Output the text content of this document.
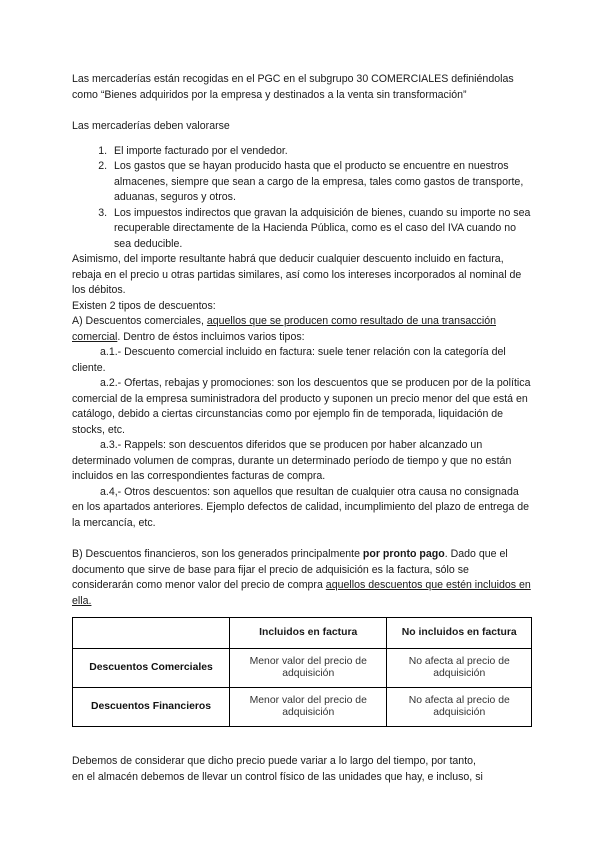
Las mercaderías están recogidas en el PGC en el subgrupo 30 COMERCIALES definiéndolas como “Bienes adquiridos por la empresa y destinados a la venta sin transformación”

Las mercaderías deben valorarse

1. El importe facturado por el vendedor.
2. Los gastos que se hayan producido hasta que el producto se encuentre en nuestros almacenes, siempre que sean a cargo de la empresa, tales como gastos de transporte, aduanas, seguros y otros.
3. Los impuestos indirectos que gravan la adquisición de bienes, cuando su importe no sea recuperable directamente de la Hacienda Pública, como es el caso del IVA cuando no sea deducible.

Asimismo, del importe resultante habrá que deducir cualquier descuento incluido en factura, rebaja en el precio u otras partidas similares, así como los intereses incorporados al nominal de los débitos.

Existen 2 tipos de descuentos:

A) Descuentos comerciales, aquellos que se producen como resultado de una transacción comercial. Dentro de éstos incluimos varios tipos:

a.1.- Descuento comercial incluido en factura: suele tener relación con la categoría del cliente.

a.2.- Ofertas, rebajas y promociones: son los descuentos que se producen por de la política comercial de la empresa suministradora del producto y suponen un precio menor del que está en catálogo, debido a ciertas circunstancias como por ejemplo fin de temporada, liquidación de stocks, etc.

a.3.- Rappels: son descuentos diferidos que se producen por haber alcanzado un determinado volumen de compras, durante un determinado período de tiempo y que no están incluidos en las correspondientes facturas de compra.

a.4,- Otros descuentos: son aquellos que resultan de cualquier otra causa no consignada en los apartados anteriores. Ejemplo defectos de calidad, incumplimiento del plazo de entrega de la mercancía, etc.

B) Descuentos financieros, son los generados principalmente por pronto pago. Dado que el documento que sirve de base para fijar el precio de adquisición es la factura, sólo se considerarán como menor valor del precio de compra aquellos descuentos que estén incluidos en ella.

	Incluidos en factura	No incluidos en factura
Descuentos Comerciales	Menor valor del precio de adquisición	No afecta al precio de adquisición
Descuentos Financieros	Menor valor del precio de adquisición	No afecta al precio de adquisición

Debemos de considerar que dicho precio puede variar a lo largo del tiempo, por tanto,

en el almacén debemos de llevar un control físico de las unidades que hay, e incluso, si
